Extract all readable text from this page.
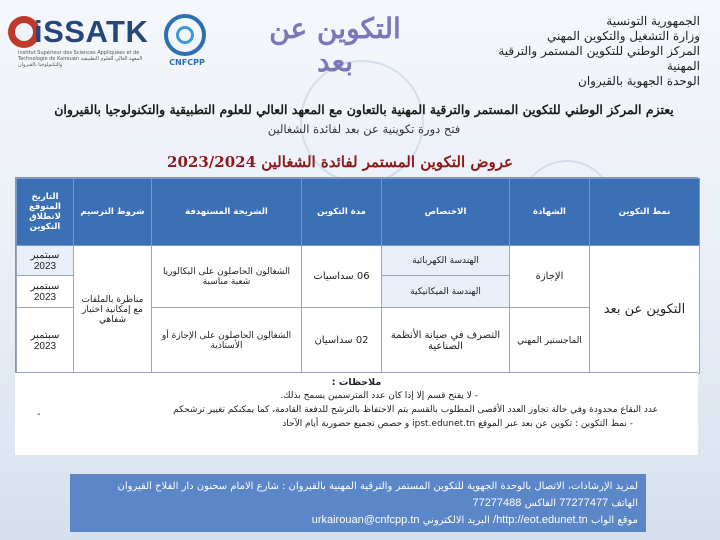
iSSATK
Institut Supérieur des Sciences Appliquées et de Technologie de Kairouan المعهد العالي للعلوم التطبيقية والتكنولوجيا بالقيروان	CNFCPP
التكوين عن بعد
الجمهورية التونسية
وزارة التشغيل والتكوين المهني
المركز الوطني للتكوين المستمر والترقية المهنية
الوحدة الجهوية بالقيروان
يعتزم المركز الوطني للتكوين المستمر والترقية المهنية بالتعاون مع المعهد العالي للعلوم التطبيقية والتكنولوجيا بالقيروان
فتح دورة تكوينية عن بعد لفائدة الشغالين
عروض التكوين المستمر لفائدة الشغالين 2023/2024
نمط التكوين	الشهادة	الاختصاص	مدة التكوين	الشريحة المستهدفة	شروط الترسيم	التاريخ المتوقع لانطلاق التكوين
التكوين عن بعد	الإجازة	الهندسة الكهربائية	06 سداسيات	الشغالون الحاصلون على البكالوريا شعبة مناسبة	مناظرة بالملفات مع إمكانية اختبار شفاهي	سبتمبر 2023
		الهندسة الميكانيكية				سبتمبر 2023
	الماجستير المهني	التصرف في صيانة الأنظمة الصناعية	02 سداسيان	الشغالون الحاصلون على الإجازة أو الأستاذية		سبتمبر 2023
ملاحظات :
- لا يفتح قسم إلا إذا كان عدد المترسمين يسمح بذلك.
عدد البقاع محدودة وفي حالة تجاوز العدد الأقصى المطلوب بالقسم يتم الاحتفاظ بالترشح للدفعة القادمة، كما يمكنكم تغيير ترشحكم
- نمط التكوين : تكوين عن بعد عبر الموقع ipst.edunet.tn و حصص تجميع حضورية أيام الآحاد
-
لمزيد الإرشادات، الاتصال بالوحدة الجهوية للتكوين المستمر والترقية المهنية بالقيروان : شارع الامام سحنون دار الفلاح القيروان
الهاتف 77277477 الفاكس 77277488
موقع الواب http://eot.edunet.tn/ البريد الالكتروني urkairouan@cnfcpp.tn
